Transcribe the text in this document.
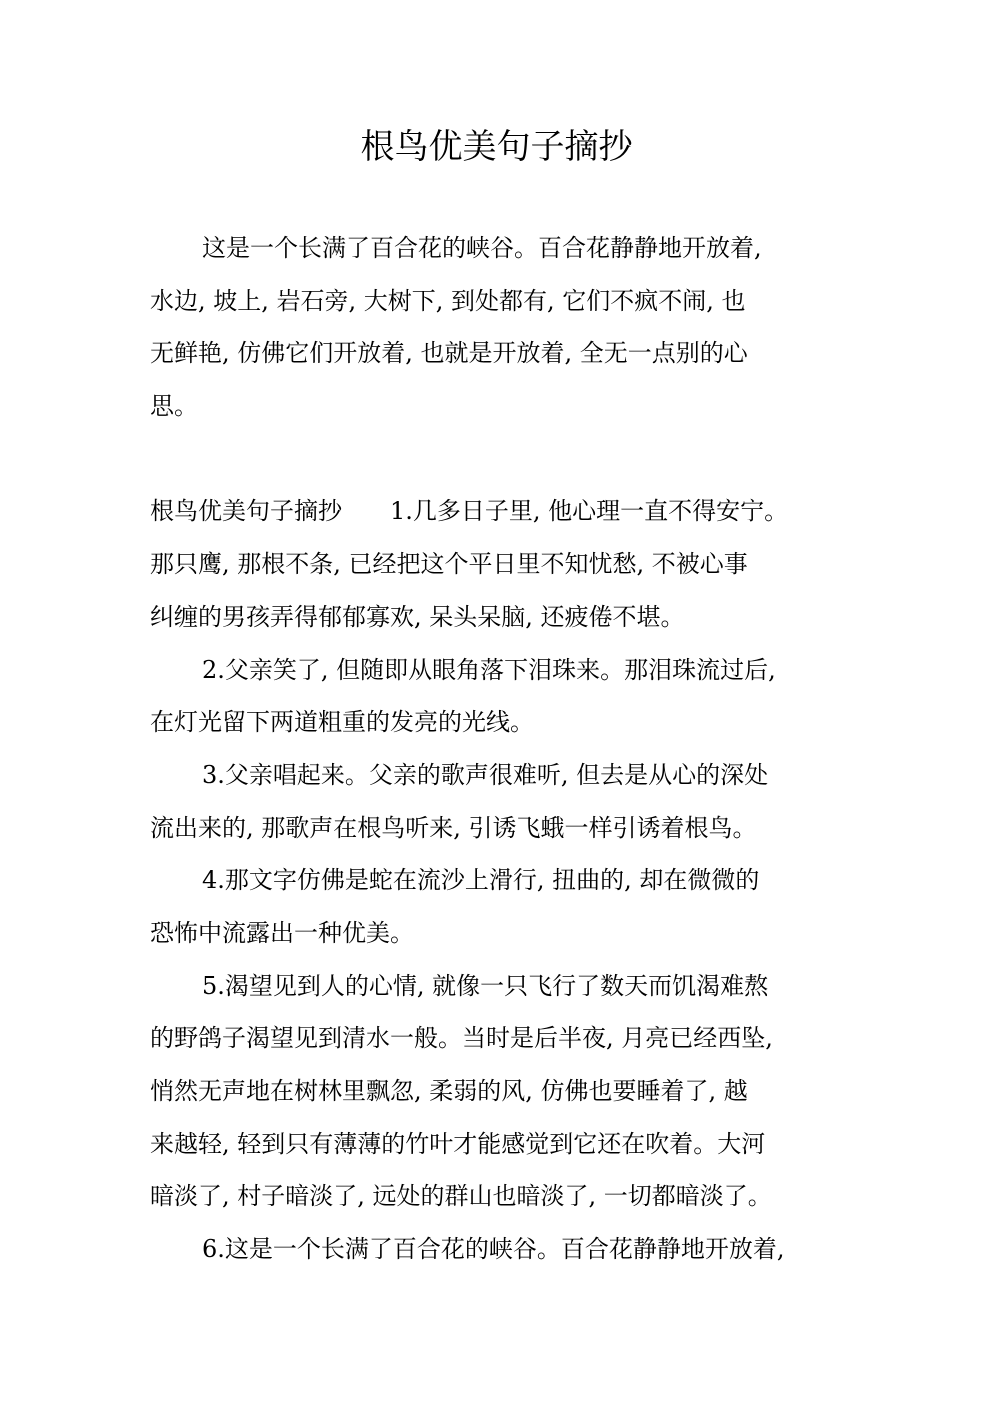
根鸟优美句子摘抄
这是一个长满了百合花的峡谷。百合花静静地开放着,
水边, 坡上, 岩石旁, 大树下, 到处都有, 它们不疯不闹, 也
无鲜艳, 仿佛它们开放着, 也就是开放着, 全无一点别的心
思。
根鸟优美句子摘抄　　1.几多日子里, 他心理一直不得安宁。
那只鹰, 那根不条, 已经把这个平日里不知忧愁, 不被心事
纠缠的男孩弄得郁郁寡欢, 呆头呆脑, 还疲倦不堪。
2.父亲笑了, 但随即从眼角落下泪珠来。那泪珠流过后,
在灯光留下两道粗重的发亮的光线。
3.父亲唱起来。父亲的歌声很难听, 但去是从心的深处
流出来的, 那歌声在根鸟听来, 引诱飞蛾一样引诱着根鸟。
4.那文字仿佛是蛇在流沙上滑行, 扭曲的, 却在微微的
恐怖中流露出一种优美。
5.渴望见到人的心情, 就像一只飞行了数天而饥渴难熬
的野鸽子渴望见到清水一般。当时是后半夜, 月亮已经西坠,
悄然无声地在树林里飘忽, 柔弱的风, 仿佛也要睡着了, 越
来越轻, 轻到只有薄薄的竹叶才能感觉到它还在吹着。大河
暗淡了, 村子暗淡了, 远处的群山也暗淡了, 一切都暗淡了。
6.这是一个长满了百合花的峡谷。百合花静静地开放着,
